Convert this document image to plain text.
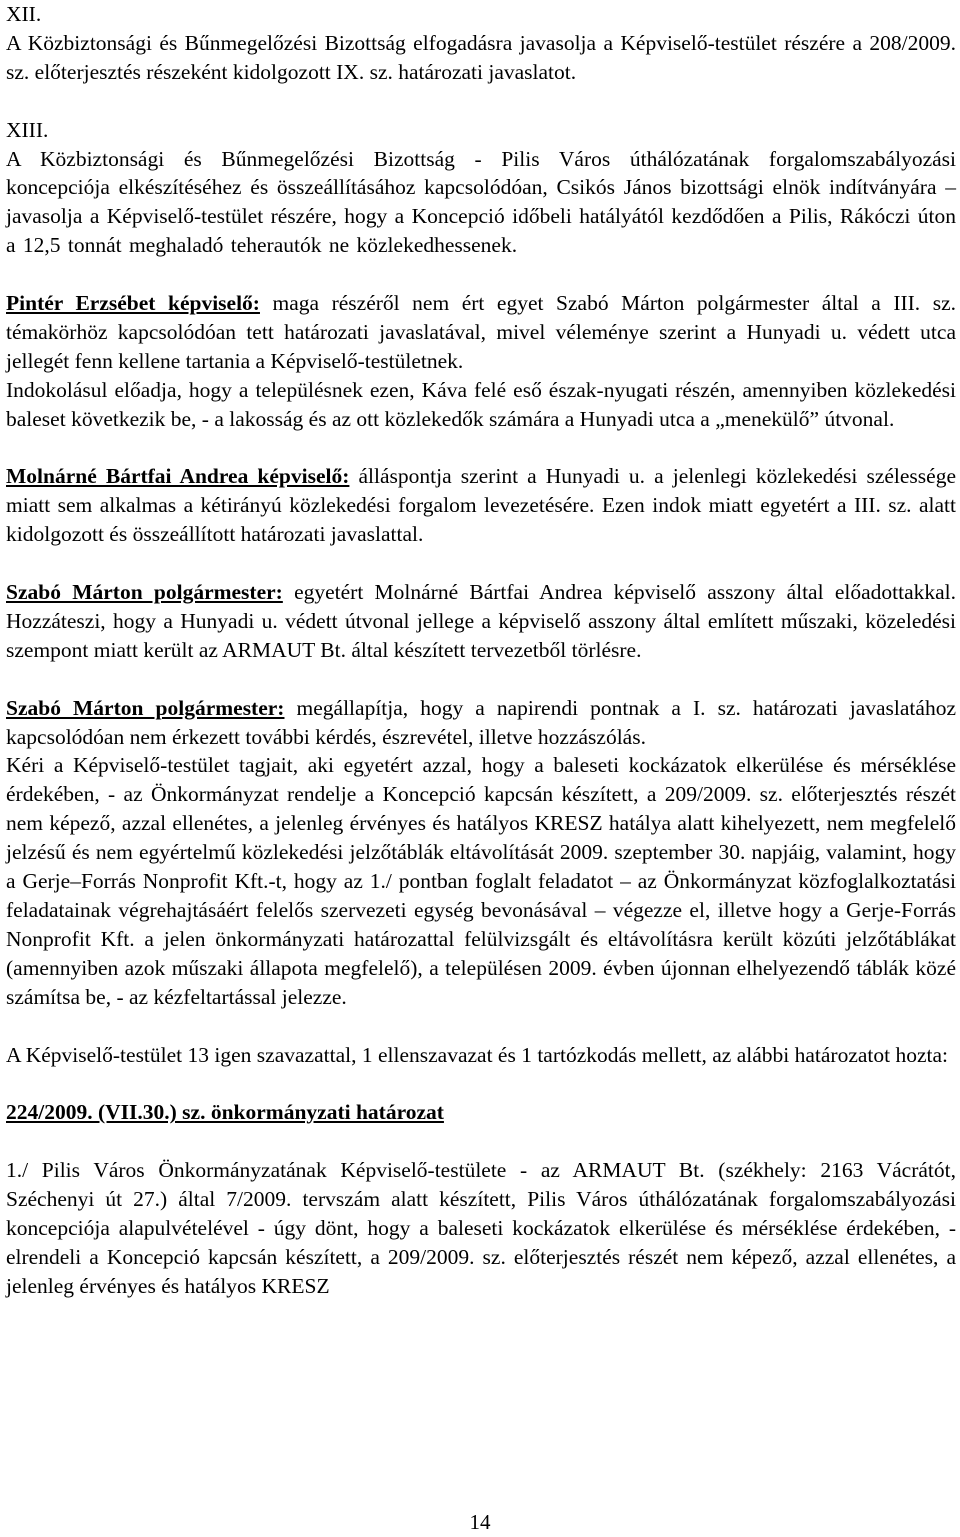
XII.

A Közbiztonsági és Bűnmegelőzési Bizottság elfogadásra javasolja a Képviselő-testület részére a 208/2009. sz. előterjesztés részeként kidolgozott IX. sz. határozati javaslatot.

XIII.

A Közbiztonsági és Bűnmegelőzési Bizottság - Pilis Város úthálózatának forgalomszabályozási koncepciója elkészítéséhez és összeállításához kapcsolódóan, Csikós János bizottsági elnök indítványára – javasolja a Képviselő-testület részére, hogy a Koncepció időbeli hatályától kezdődően a Pilis, Rákóczi úton a 12,5 tonnát meghaladó teherautók ne közlekedhessenek.

Pintér Erzsébet képviselő: maga részéről nem ért egyet Szabó Márton polgármester által a III. sz. témakörhöz kapcsolódóan tett határozati javaslatával, mivel véleménye szerint a Hunyadi u. védett utca jellegét fenn kellene tartania a Képviselő-testületnek.

Indokolásul előadja, hogy a településnek ezen, Káva felé eső észak-nyugati részén, amennyiben közlekedési baleset következik be, - a lakosság és az ott közlekedők számára a Hunyadi utca a „menekülő” útvonal.

Molnárné Bártfai Andrea képviselő: álláspontja szerint a Hunyadi u. a jelenlegi közlekedési szélessége miatt sem alkalmas a kétirányú közlekedési forgalom levezetésére. Ezen indok miatt egyetért a III. sz. alatt kidolgozott és összeállított határozati javaslattal.

Szabó Márton polgármester: egyetért Molnárné Bártfai Andrea képviselő asszony által előadottakkal. Hozzáteszi, hogy a Hunyadi u. védett útvonal jellege a képviselő asszony által említett műszaki, közeledési szempont miatt került az ARMAUT Bt. által készített tervezetből törlésre.

Szabó Márton polgármester: megállapítja, hogy a napirendi pontnak a I. sz. határozati javaslatához kapcsolódóan nem érkezett további kérdés, észrevétel, illetve hozzászólás.

Kéri a Képviselő-testület tagjait, aki egyetért azzal, hogy a baleseti kockázatok elkerülése és mérséklése érdekében, - az Önkormányzat rendelje a Koncepció kapcsán készített, a 209/2009. sz. előterjesztés részét nem képező, azzal ellenétes, a jelenleg érvényes és hatályos KRESZ hatálya alatt kihelyezett, nem megfelelő jelzésű és nem egyértelmű közlekedési jelzőtáblák eltávolítását 2009. szeptember 30. napjáig, valamint, hogy a Gerje–Forrás Nonprofit Kft.-t, hogy az 1./ pontban foglalt feladatot – az Önkormányzat közfoglalkoztatási feladatainak végrehajtásáért felelős szervezeti egység bevonásával – végezze el, illetve hogy a Gerje-Forrás Nonprofit Kft. a jelen önkormányzati határozattal felülvizsgált és eltávolításra került közúti jelzőtáblákat (amennyiben azok műszaki állapota megfelelő), a településen 2009. évben újonnan elhelyezendő táblák közé számítsa be, - az kézfeltartással jelezze.

A Képviselő-testület 13 igen szavazattal, 1 ellenszavazat és 1 tartózkodás mellett, az alábbi határozatot hozta:

224/2009. (VII.30.) sz. önkormányzati határozat

1./ Pilis Város Önkormányzatának Képviselő-testülete - az ARMAUT Bt. (székhely: 2163 Vácrátót, Széchenyi út 27.) által 7/2009. tervszám alatt készített, Pilis Város úthálózatának forgalomszabályozási koncepciója alapulvételével - úgy dönt, hogy a baleseti kockázatok elkerülése és mérséklése érdekében, - elrendeli a Koncepció kapcsán készített, a 209/2009. sz. előterjesztés részét nem képező, azzal ellenétes, a jelenleg érvényes és hatályos KRESZ

14
